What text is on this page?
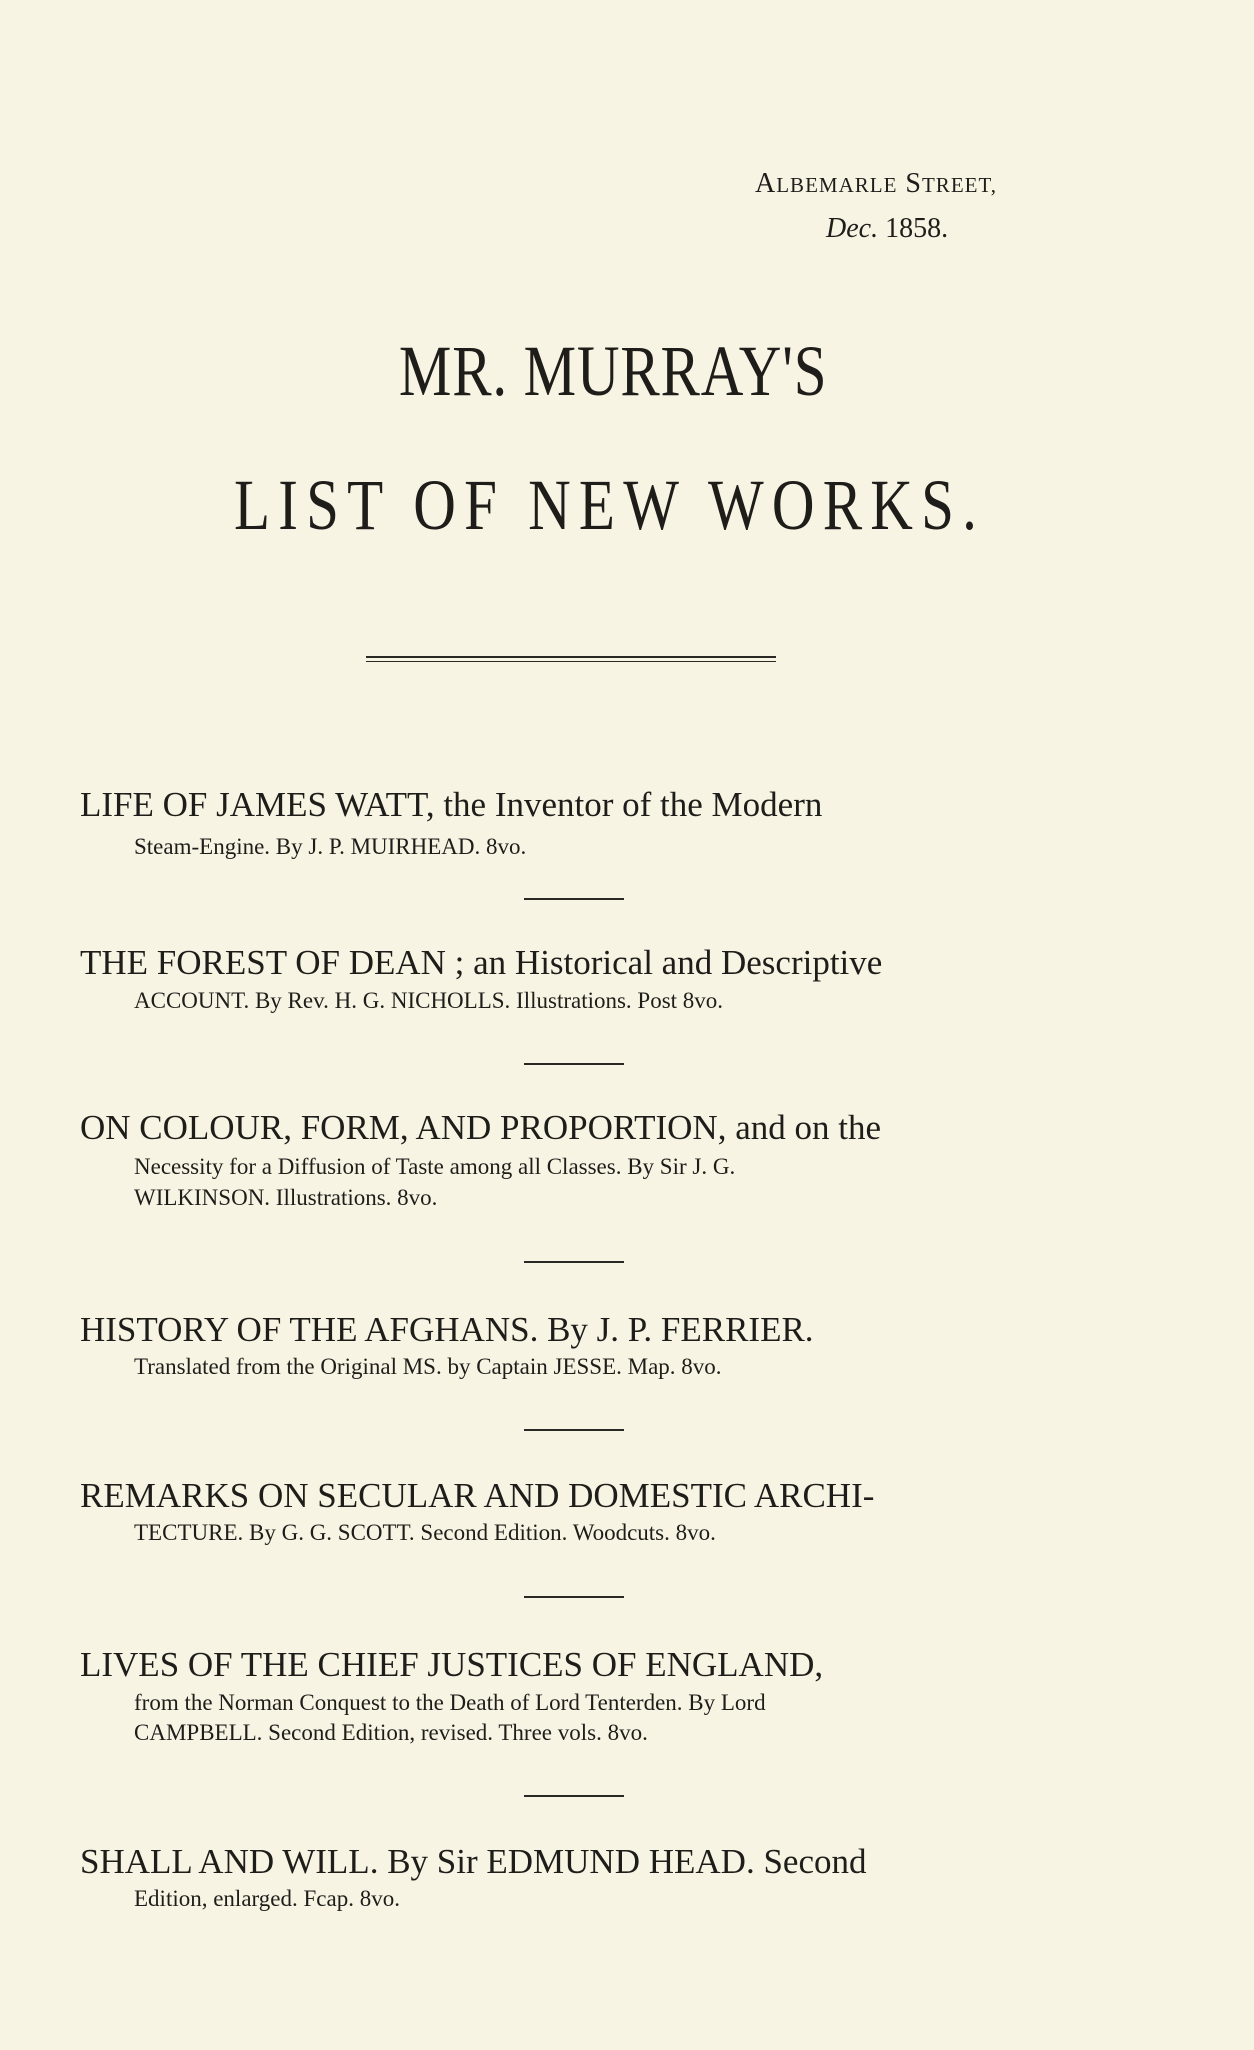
ALBEMARLE STREET,
Dec. 1858.
MR. MURRAY'S
LIST OF NEW WORKS.
LIFE OF JAMES WATT, the Inventor of the Modern
Steam-Engine. By J. P. MUIRHEAD. 8vo.
THE FOREST OF DEAN ; an Historical and Descriptive
ACCOUNT. By Rev. H. G. NICHOLLS. Illustrations. Post 8vo.
ON COLOUR, FORM, AND PROPORTION, and on the
Necessity for a Diffusion of Taste among all Classes. By Sir J. G.
WILKINSON. Illustrations. 8vo.
HISTORY OF THE AFGHANS. By J. P. FERRIER.
Translated from the Original MS. by Captain JESSE. Map. 8vo.
REMARKS ON SECULAR AND DOMESTIC ARCHI-
TECTURE. By G. G. SCOTT. Second Edition. Woodcuts. 8vo.
LIVES OF THE CHIEF JUSTICES OF ENGLAND,
from the Norman Conquest to the Death of Lord Tenterden. By Lord
CAMPBELL. Second Edition, revised. Three vols. 8vo.
SHALL AND WILL. By Sir EDMUND HEAD. Second
Edition, enlarged. Fcap. 8vo.
